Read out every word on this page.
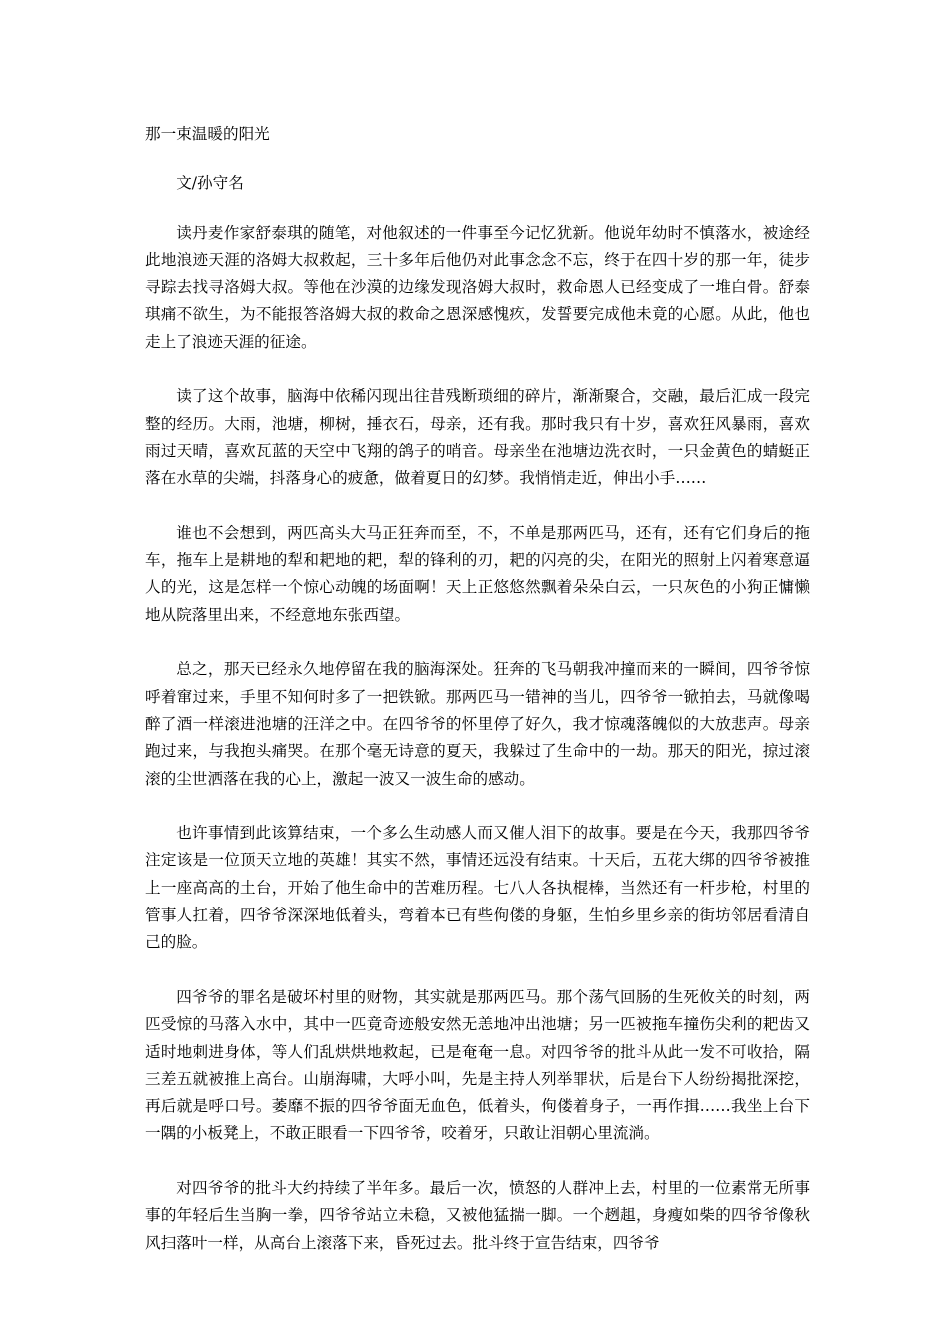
那一束温暖的阳光

文/孙守名

读丹麦作家舒泰琪的随笔，对他叙述的一件事至今记忆犹新。他说年幼时不慎落水，被途经此地浪迹天涯的洛姆大叔救起，三十多年后他仍对此事念念不忘，终于在四十岁的那一年，徒步寻踪去找寻洛姆大叔。等他在沙漠的边缘发现洛姆大叔时，救命恩人已经变成了一堆白骨。舒泰琪痛不欲生，为不能报答洛姆大叔的救命之恩深感愧疚，发誓要完成他未竟的心愿。从此，他也走上了浪迹天涯的征途。

读了这个故事，脑海中依稀闪现出往昔残断琐细的碎片，渐渐聚合，交融，最后汇成一段完整的经历。大雨，池塘，柳树，捶衣石，母亲，还有我。那时我只有十岁，喜欢狂风暴雨，喜欢雨过天晴，喜欢瓦蓝的天空中飞翔的鸽子的哨音。母亲坐在池塘边洗衣时，一只金黄色的蜻蜓正落在水草的尖端，抖落身心的疲惫，做着夏日的幻梦。我悄悄走近，伸出小手……

谁也不会想到，两匹高头大马正狂奔而至，不，不单是那两匹马，还有，还有它们身后的拖车，拖车上是耕地的犁和耙地的耙，犁的锋利的刃，耙的闪亮的尖，在阳光的照射上闪着寒意逼人的光，这是怎样一个惊心动魄的场面啊！天上正悠悠然飘着朵朵白云，一只灰色的小狗正慵懒地从院落里出来，不经意地东张西望。

总之，那天已经永久地停留在我的脑海深处。狂奔的飞马朝我冲撞而来的一瞬间，四爷爷惊呼着窜过来，手里不知何时多了一把铁锨。那两匹马一错神的当儿，四爷爷一锨拍去，马就像喝醉了酒一样滚进池塘的汪洋之中。在四爷爷的怀里停了好久，我才惊魂落魄似的大放悲声。母亲跑过来，与我抱头痛哭。在那个毫无诗意的夏天，我躲过了生命中的一劫。那天的阳光，掠过滚滚的尘世洒落在我的心上，激起一波又一波生命的感动。

也许事情到此该算结束，一个多么生动感人而又催人泪下的故事。要是在今天，我那四爷爷注定该是一位顶天立地的英雄！其实不然，事情还远没有结束。十天后，五花大绑的四爷爷被推上一座高高的土台，开始了他生命中的苦难历程。七八人各执棍棒，当然还有一杆步枪，村里的管事人扛着，四爷爷深深地低着头，弯着本已有些佝偻的身躯，生怕乡里乡亲的街坊邻居看清自己的脸。

四爷爷的罪名是破坏村里的财物，其实就是那两匹马。那个荡气回肠的生死攸关的时刻，两匹受惊的马落入水中，其中一匹竟奇迹般安然无恙地冲出池塘；另一匹被拖车撞伤尖利的耙齿又适时地刺进身体，等人们乱烘烘地救起，已是奄奄一息。对四爷爷的批斗从此一发不可收拾，隔三差五就被推上高台。山崩海啸，大呼小叫，先是主持人列举罪状，后是台下人纷纷揭批深挖，再后就是呼口号。萎靡不振的四爷爷面无血色，低着头，佝偻着身子，一再作揖……我坐上台下一隅的小板凳上，不敢正眼看一下四爷爷，咬着牙，只敢让泪朝心里流淌。

对四爷爷的批斗大约持续了半年多。最后一次，愤怒的人群冲上去，村里的一位素常无所事事的年轻后生当胸一拳，四爷爷站立未稳，又被他猛揣一脚。一个趔趄，身瘦如柴的四爷爷像秋风扫落叶一样，从高台上滚落下来，昏死过去。批斗终于宣告结束，四爷爷
